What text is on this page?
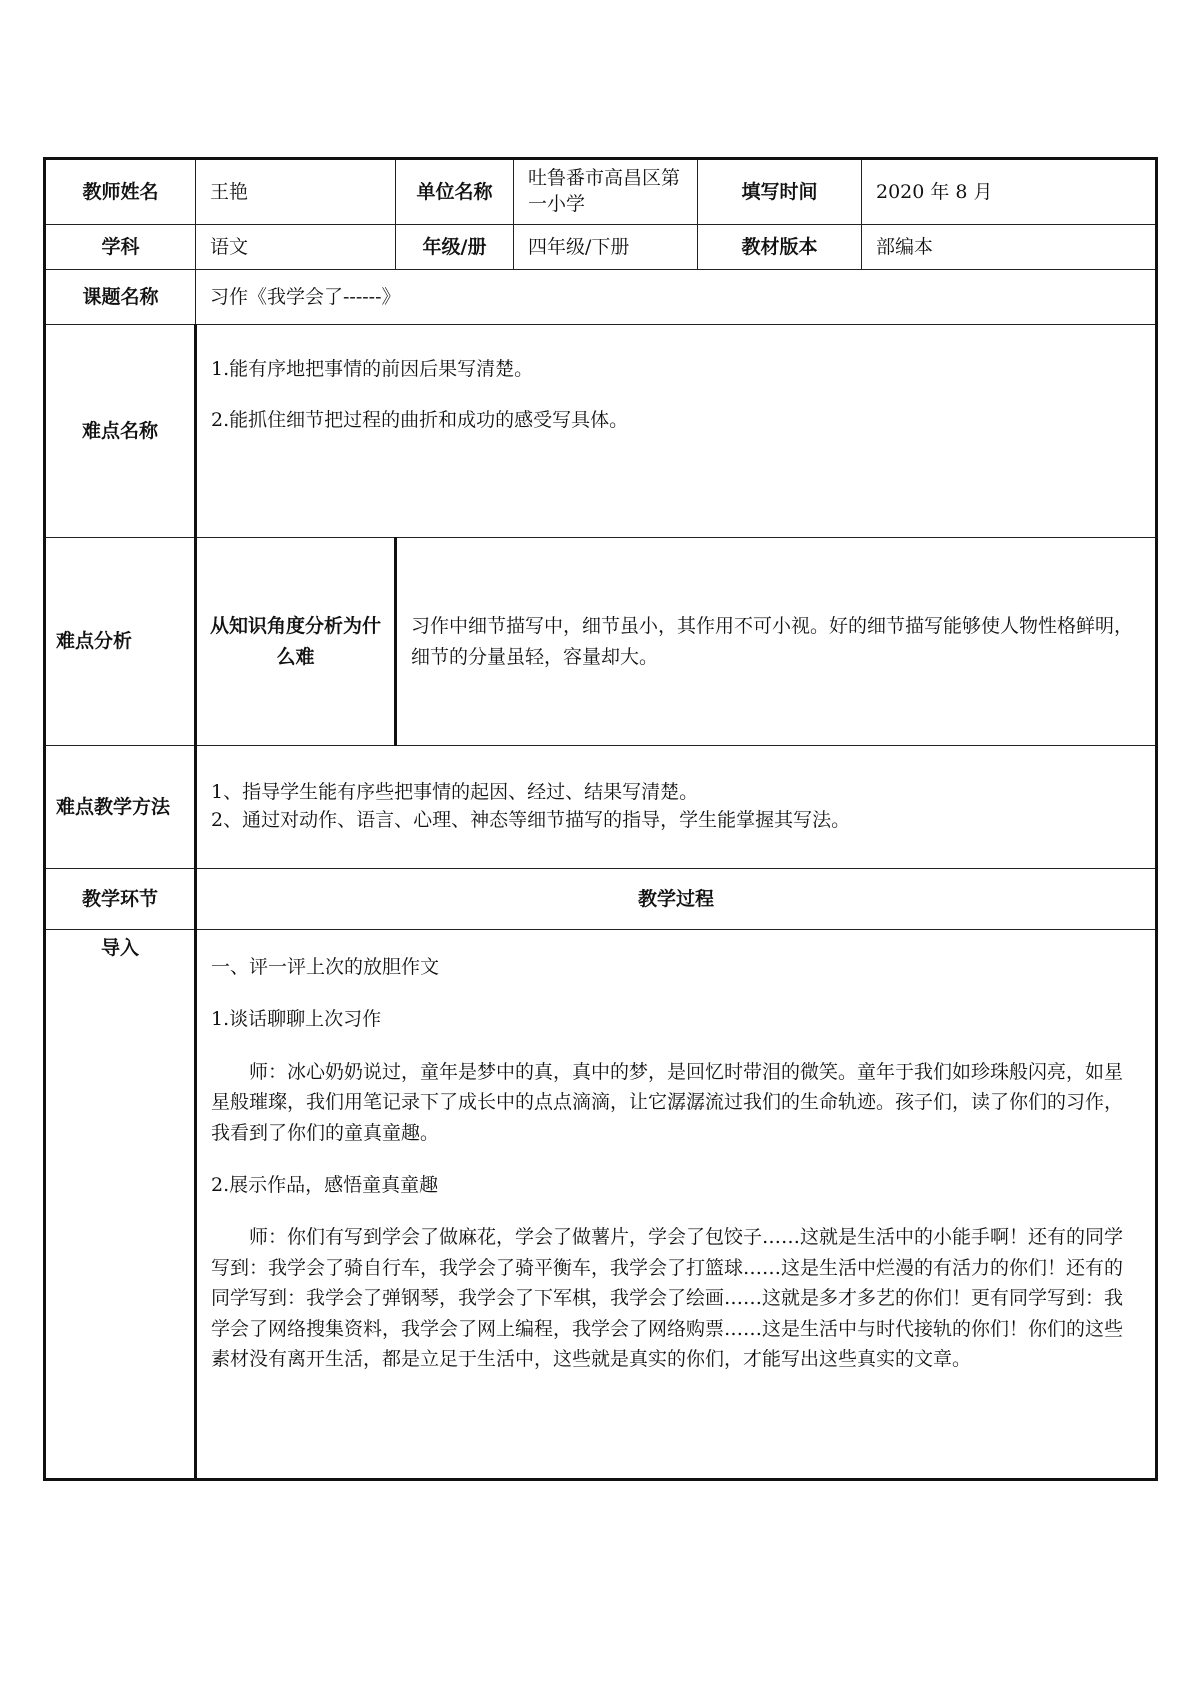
教师姓名	王艳	单位名称	吐鲁番市高昌区第一小学	填写时间	2020 年 8 月
学科	语文	年级/册	四年级/下册	教材版本	部编本
课题名称	习作《我学会了------》				
难点名称	1.能有序地把事情的前因后果写清楚。

2.能抓住细节把过程的曲折和成功的感受写具体。				

难点分析	从知识角度分析为什么难	习作中细节描写中，细节虽小，其作用不可小视。好的细节描写能够使人物性格鲜明，细节的分量虽轻，容量却大。			
难点教学方法	1、指导学生能有序些把事情的起因、经过、结果写清楚。

2、通过对动作、语言、心理、神态等细节描写的指导，学生能掌握其写法。				

教学环节	教学过程				
导入	一、评一评上次的放胆作文

1.谈话聊聊上次习作

师：冰心奶奶说过，童年是梦中的真，真中的梦，是回忆时带泪的微笑。童年于我们如珍珠般闪亮，如星星般璀璨，我们用笔记录下了成长中的点点滴滴，让它潺潺流过我们的生命轨迹。孩子们，读了你们的习作，我看到了你们的童真童趣。

2.展示作品，感悟童真童趣

师：你们有写到学会了做麻花，学会了做薯片，学会了包饺子……这就是生活中的小能手啊！还有的同学写到：我学会了骑自行车，我学会了骑平衡车，我学会了打篮球……这是生活中烂漫的有活力的你们！还有的同学写到：我学会了弹钢琴，我学会了下军棋，我学会了绘画……这就是多才多艺的你们！更有同学写到：我学会了网络搜集资料，我学会了网上编程，我学会了网络购票……这是生活中与时代接轨的你们！你们的这些素材没有离开生活，都是立足于生活中，这些就是真实的你们，才能写出这些真实的文章。				
